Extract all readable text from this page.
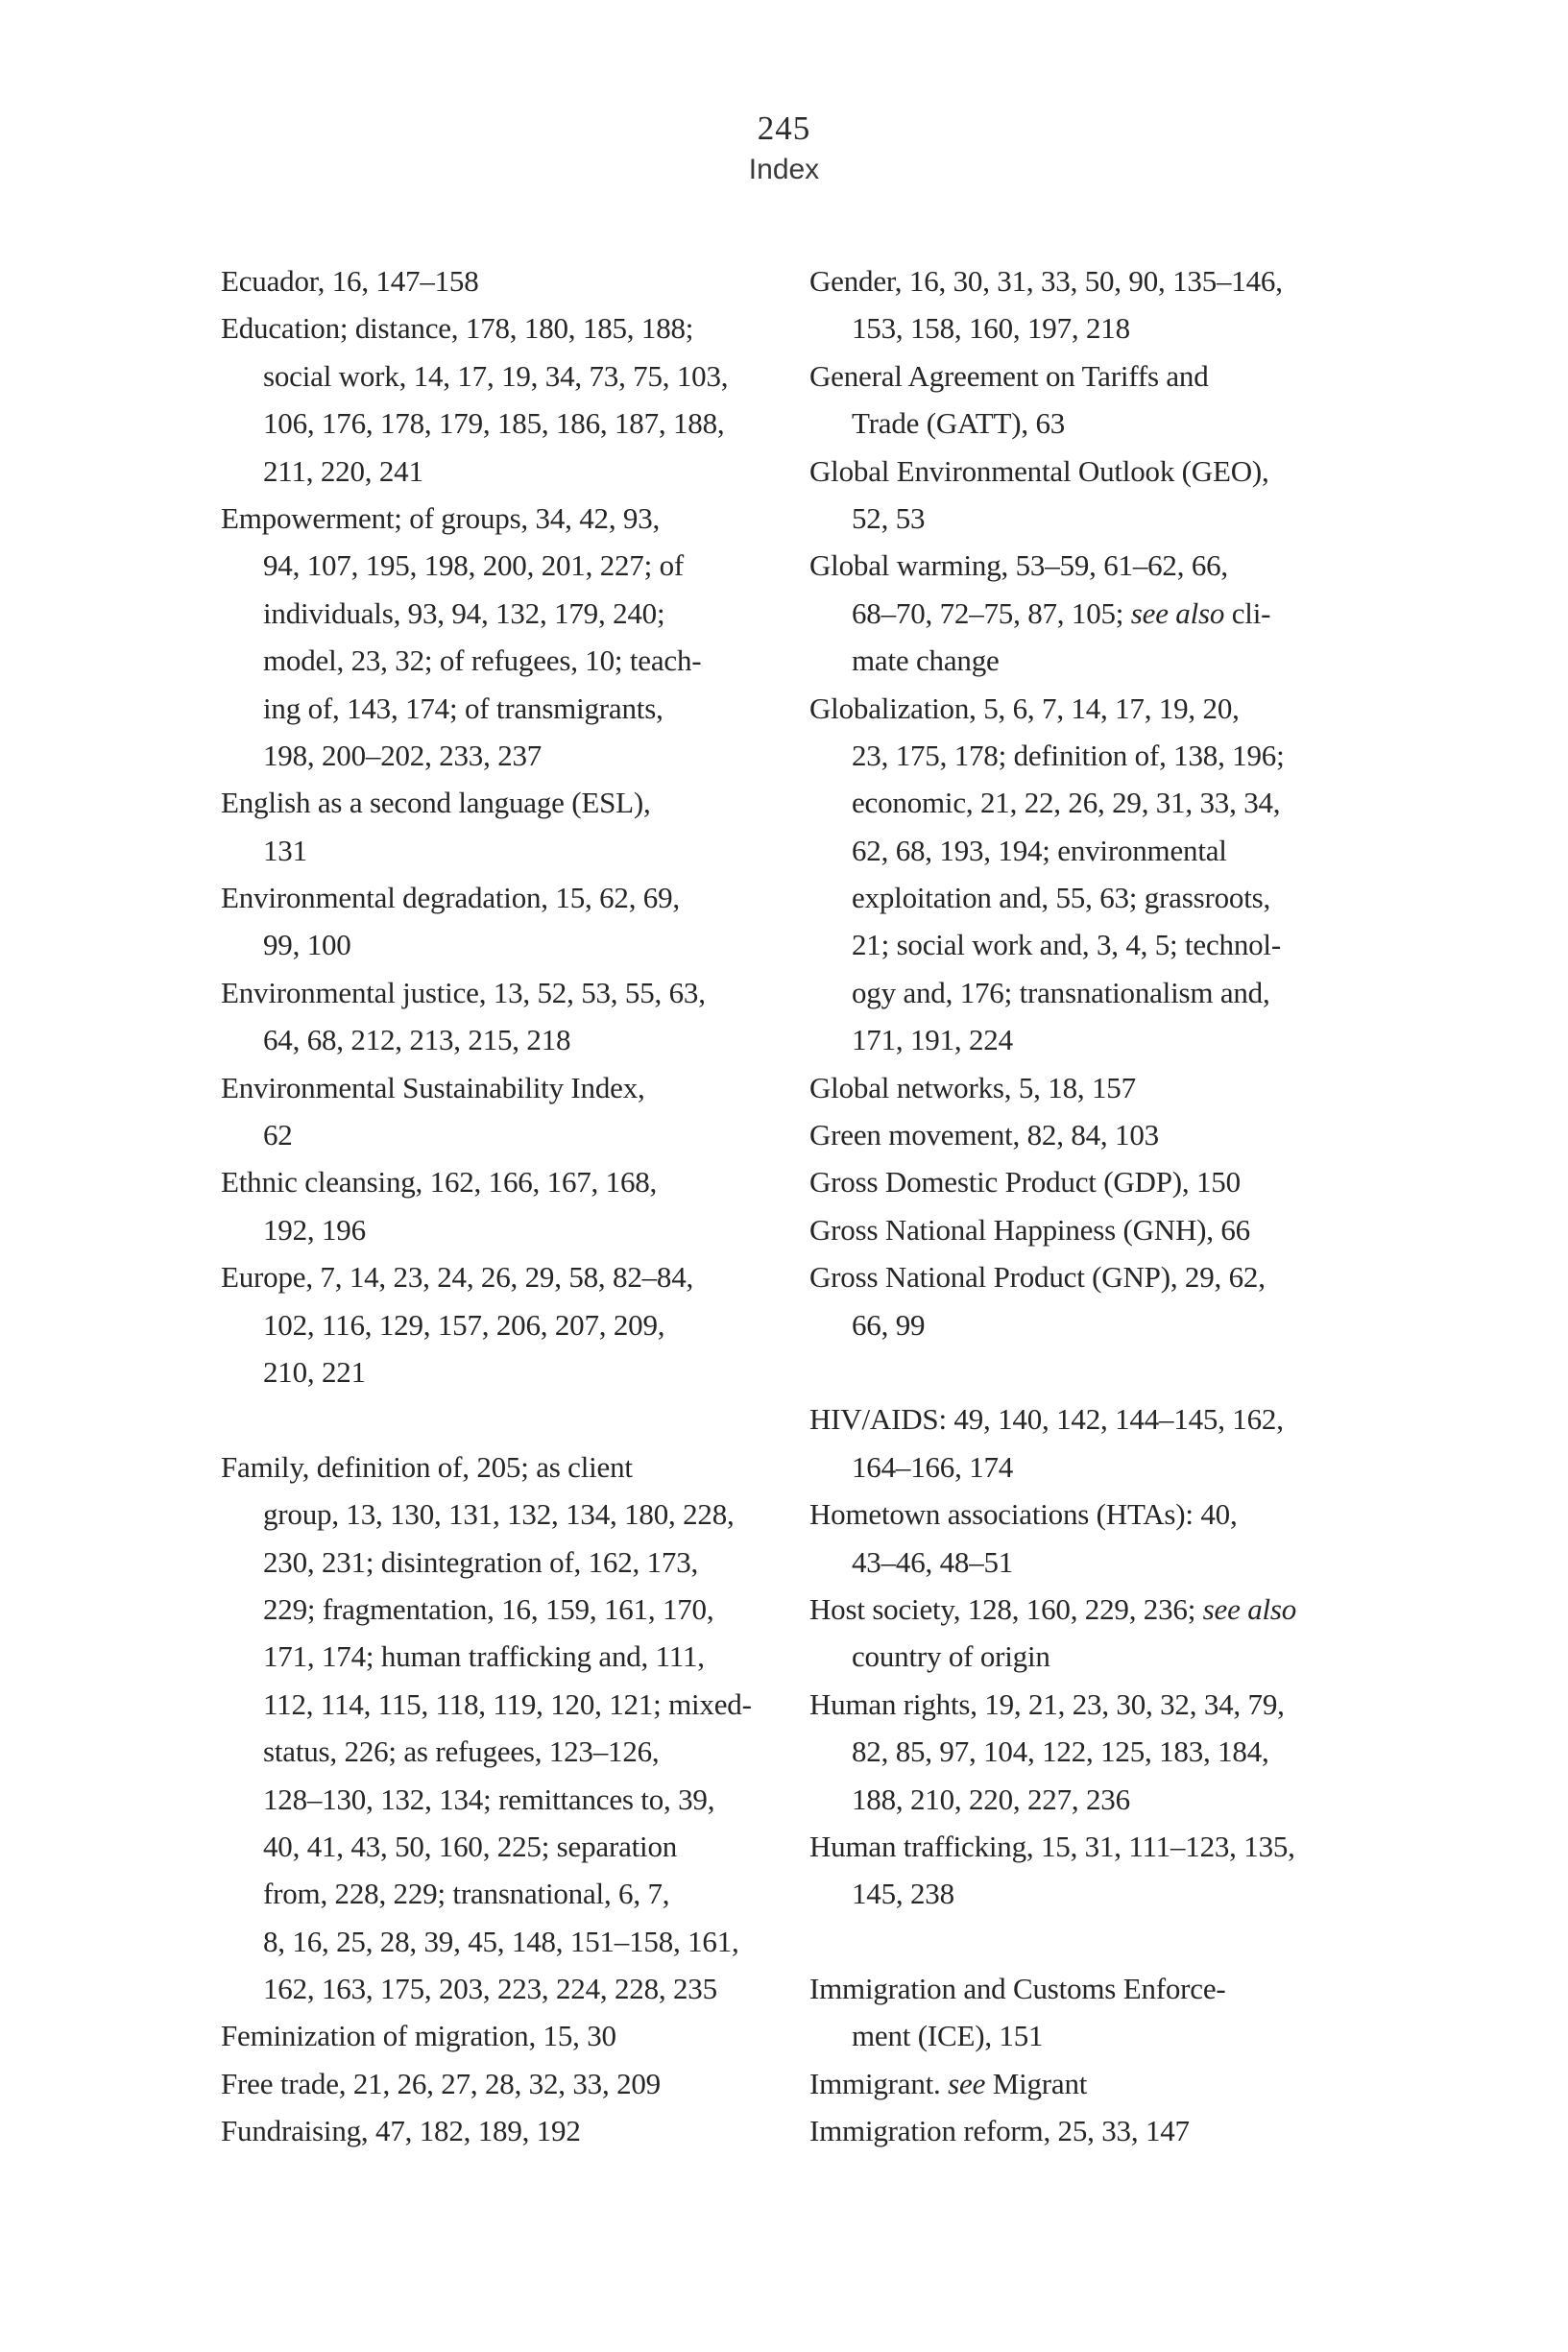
245
Index
Ecuador, 16, 147–158
Education; distance, 178, 180, 185, 188;
social work, 14, 17, 19, 34, 73, 75, 103,
106, 176, 178, 179, 185, 186, 187, 188,
211, 220, 241
Empowerment; of groups, 34, 42, 93,
94, 107, 195, 198, 200, 201, 227; of
individuals, 93, 94, 132, 179, 240;
model, 23, 32; of refugees, 10; teach-
ing of, 143, 174; of transmigrants,
198, 200–202, 233, 237
English as a second language (ESL),
131
Environmental degradation, 15, 62, 69,
99, 100
Environmental justice, 13, 52, 53, 55, 63,
64, 68, 212, 213, 215, 218
Environmental Sustainability Index,
62
Ethnic cleansing, 162, 166, 167, 168,
192, 196
Europe, 7, 14, 23, 24, 26, 29, 58, 82–84,
102, 116, 129, 157, 206, 207, 209,
210, 221
Family, definition of, 205; as client
group, 13, 130, 131, 132, 134, 180, 228,
230, 231; disintegration of, 162, 173,
229; fragmentation, 16, 159, 161, 170,
171, 174; human trafficking and, 111,
112, 114, 115, 118, 119, 120, 121; mixed-
status, 226; as refugees, 123–126,
128–130, 132, 134; remittances to, 39,
40, 41, 43, 50, 160, 225; separation
from, 228, 229; transnational, 6, 7,
8, 16, 25, 28, 39, 45, 148, 151–158, 161,
162, 163, 175, 203, 223, 224, 228, 235
Feminization of migration, 15, 30
Free trade, 21, 26, 27, 28, 32, 33, 209
Fundraising, 47, 182, 189, 192
Gender, 16, 30, 31, 33, 50, 90, 135–146,
153, 158, 160, 197, 218
General Agreement on Tariffs and
Trade (GATT), 63
Global Environmental Outlook (GEO),
52, 53
Global warming, 53–59, 61–62, 66,
68–70, 72–75, 87, 105; see also cli-
mate change
Globalization, 5, 6, 7, 14, 17, 19, 20,
23, 175, 178; definition of, 138, 196;
economic, 21, 22, 26, 29, 31, 33, 34,
62, 68, 193, 194; environmental
exploitation and, 55, 63; grassroots,
21; social work and, 3, 4, 5; technol-
ogy and, 176; transnationalism and,
171, 191, 224
Global networks, 5, 18, 157
Green movement, 82, 84, 103
Gross Domestic Product (GDP), 150
Gross National Happiness (GNH), 66
Gross National Product (GNP), 29, 62,
66, 99
HIV/AIDS: 49, 140, 142, 144–145, 162,
164–166, 174
Hometown associations (HTAs): 40,
43–46, 48–51
Host society, 128, 160, 229, 236; see also
country of origin
Human rights, 19, 21, 23, 30, 32, 34, 79,
82, 85, 97, 104, 122, 125, 183, 184,
188, 210, 220, 227, 236
Human trafficking, 15, 31, 111–123, 135,
145, 238
Immigration and Customs Enforce-
ment (ICE), 151
Immigrant. see Migrant
Immigration reform, 25, 33, 147
